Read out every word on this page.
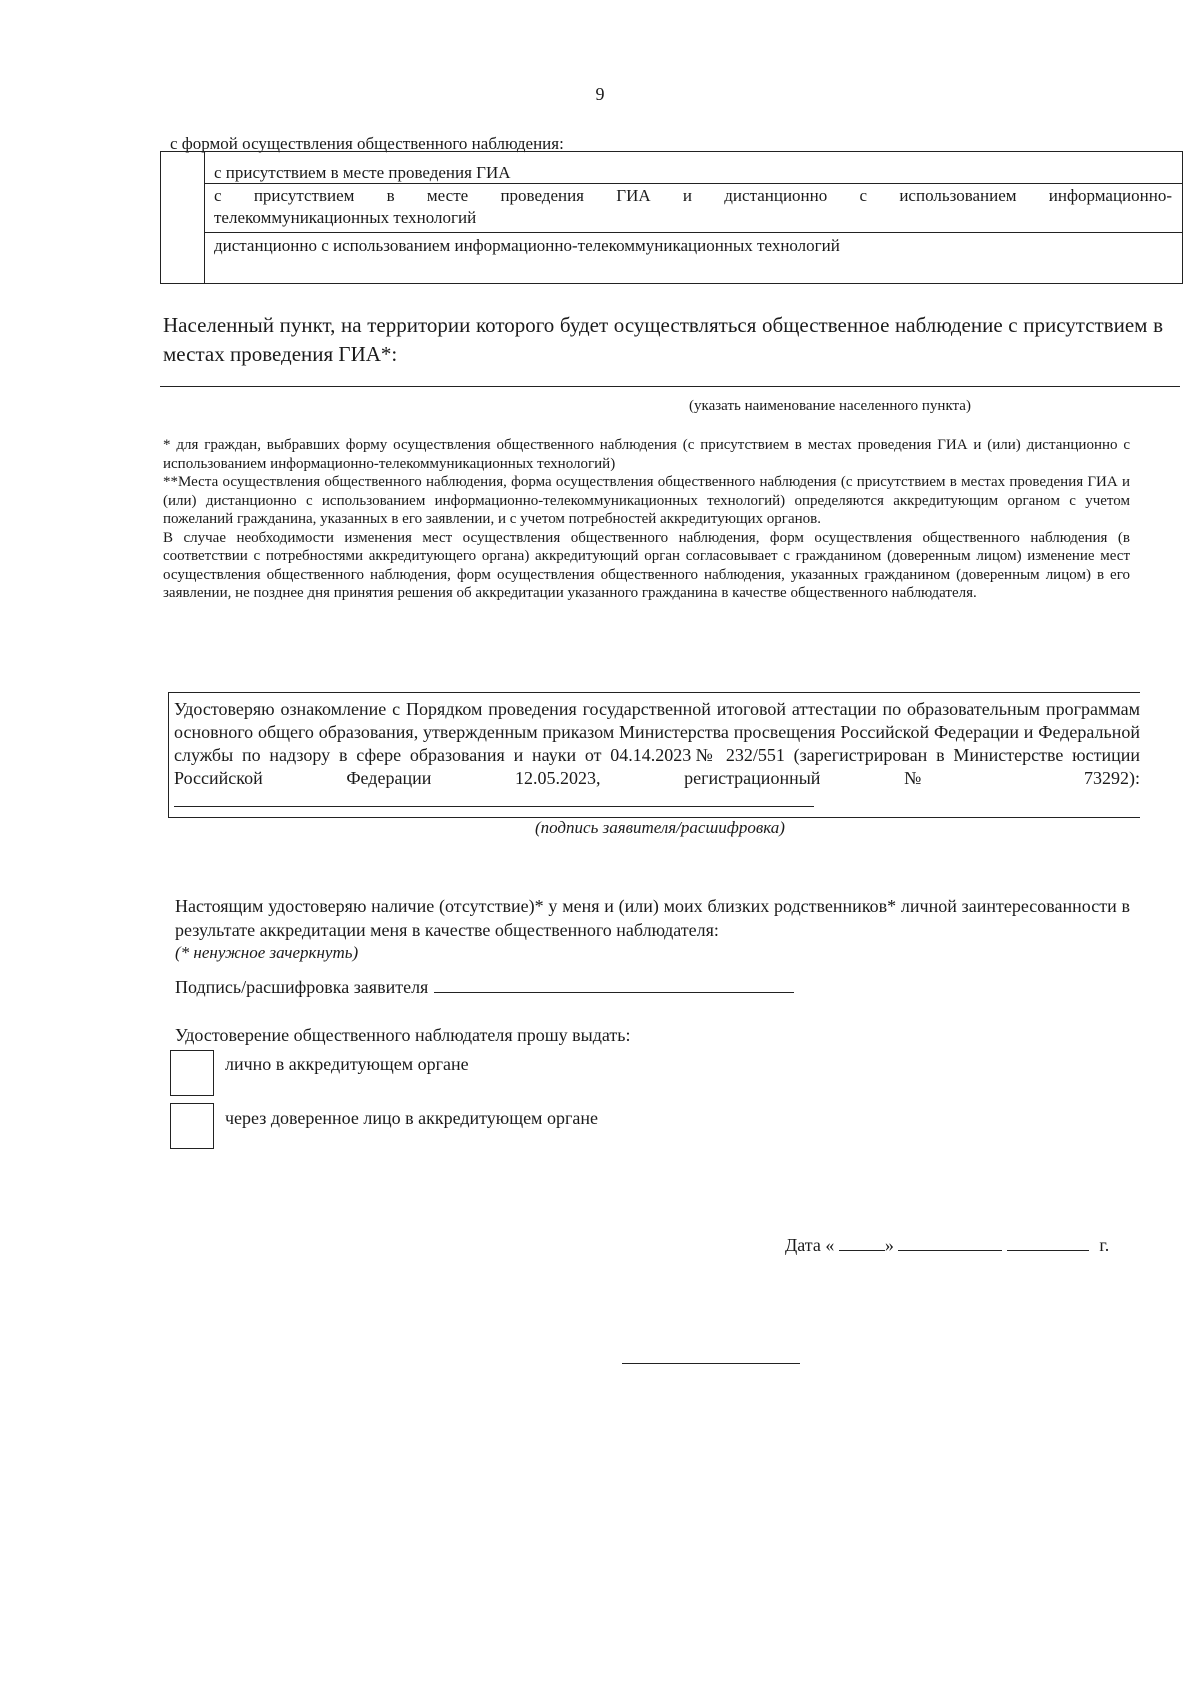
9
с формой осуществления общественного наблюдения:
с присутствием в месте проведения ГИА
с присутствием в месте проведения ГИА и дистанционно с использованием информационно-
телекоммуникационных технологий
дистанционно с использованием информационно-телекоммуникационных технологий
Населенный пункт, на территории которого будет осуществляться общественное наблюдение с присутствием в местах проведения ГИА*:
(указать наименование населенного пункта)

* для граждан, выбравших форму осуществления общественного наблюдения (с присутствием в местах проведения ГИА и (или) дистанционно с использованием информационно-телекоммуникационных технологий)

**Места осуществления общественного наблюдения, форма осуществления общественного наблюдения (с присутствием в местах проведения ГИА и (или) дистанционно с использованием информационно-телекоммуникационных технологий) определяются аккредитующим органом с учетом пожеланий гражданина, указанных в его заявлении, и с учетом потребностей аккредитующих органов.

В случае необходимости изменения мест осуществления общественного наблюдения, форм осуществления общественного наблюдения (в соответствии с потребностями аккредитующего органа) аккредитующий орган согласовывает с гражданином (доверенным лицом) изменение мест осуществления общественного наблюдения, форм осуществления общественного наблюдения, указанных гражданином (доверенным лицом) в его заявлении, не позднее дня принятия решения об аккредитации указанного гражданина в качестве общественного наблюдателя.

Удостоверяю ознакомление с Порядком проведения государственной итоговой аттестации по образовательным программам основного общего образования, утвержденным приказом Министерства просвещения Российской Федерации и Федеральной службы по надзору в сфере образования и науки от 04.14.2023№ 232/551 (зарегистрирован в Министерстве юстиции Российской Федерации 12.05.2023, регистрационный № 73292):
(подпись заявителя/расшифровка)
Настоящим удостоверяю наличие (отсутствие)* у меня и (или) моих близких родственников* личной заинтересованности в результате аккредитации меня в качестве общественного наблюдателя:
(* ненужное зачеркнуть)
Подпись/расшифровка заявителя
Удостоверение общественного наблюдателя прошу выдать:
лично в аккредитующем органе
через доверенное лицо в аккредитующем органе
Дата «	»	г.
